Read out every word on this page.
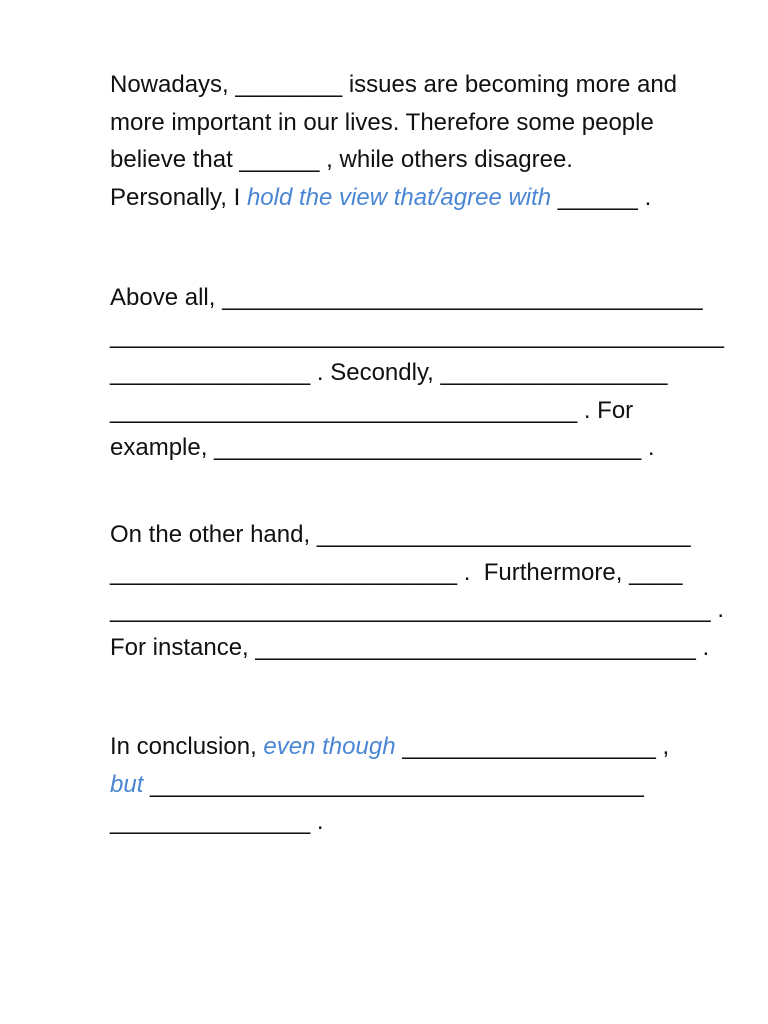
Nowadays, ________ issues are becoming more and
more important in our lives. Therefore some people
believe that ______ , while others disagree.
Personally, I hold the view that/agree with ______ .

Above all, ____________________________________
______________________________________________
_______________ . Secondly, _________________
___________________________________ . For
example, ________________________________ .

On the other hand, ____________________________
__________________________ .  Furthermore, ____
_____________________________________________ .
For instance, _________________________________ .

In conclusion, even though ___________________ ,
but _____________________________________
_______________ .
